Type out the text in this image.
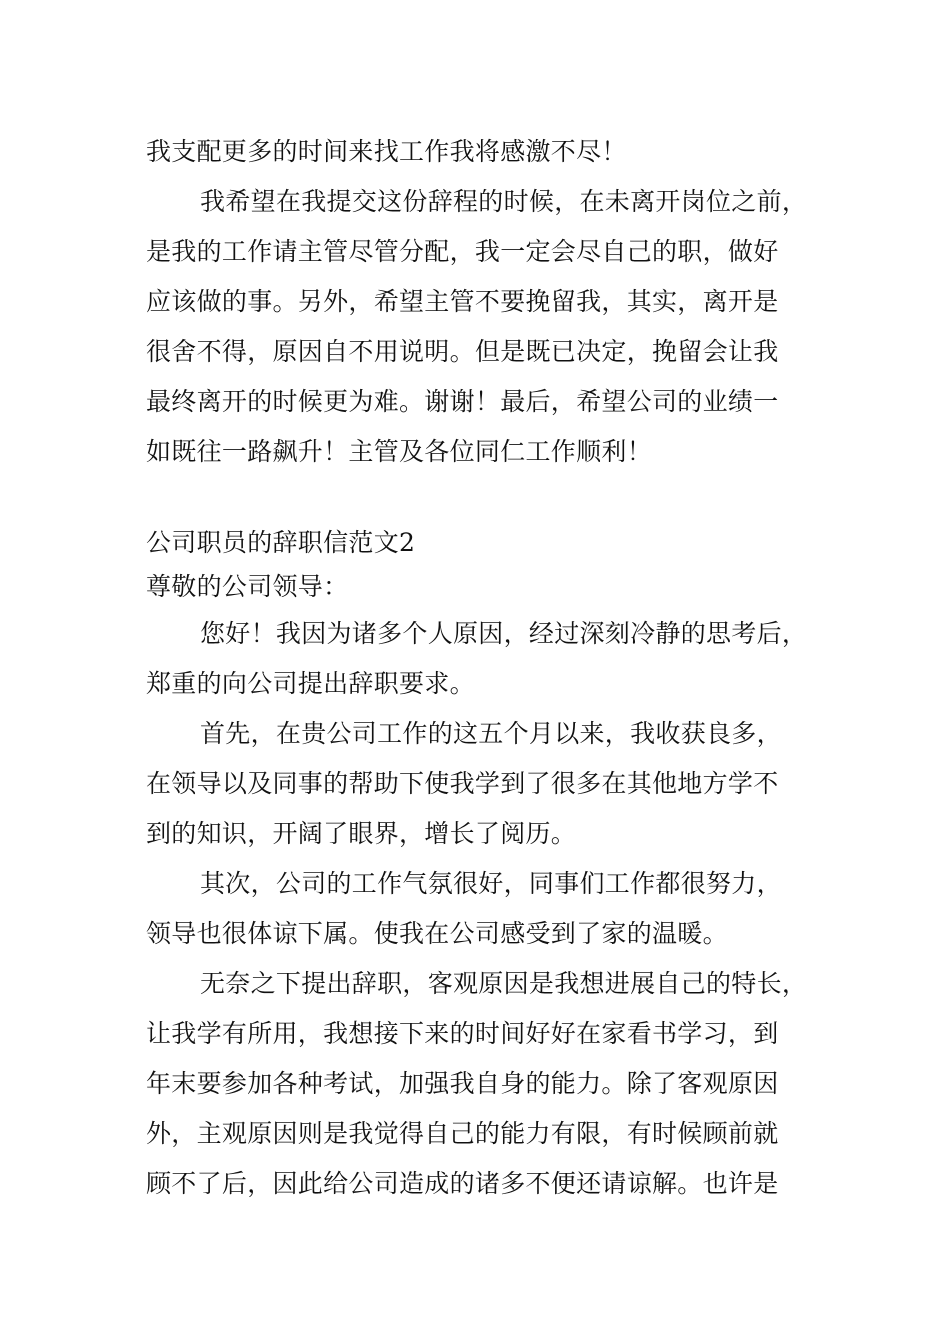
我支配更多的时间来找工作我将感激不尽！
我希望在我提交这份辞程的时候，在未离开岗位之前，
是我的工作请主管尽管分配，我一定会尽自己的职，做好
应该做的事。另外，希望主管不要挽留我，其实，离开是
很舍不得，原因自不用说明。但是既已决定，挽留会让我
最终离开的时候更为难。谢谢！最后，希望公司的业绩一
如既往一路飙升！主管及各位同仁工作顺利！
公司职员的辞职信范文2
尊敬的公司领导：
您好！我因为诸多个人原因，经过深刻冷静的思考后，
郑重的向公司提出辞职要求。
首先，在贵公司工作的这五个月以来，我收获良多，
在领导以及同事的帮助下使我学到了很多在其他地方学不
到的知识，开阔了眼界，增长了阅历。
其次，公司的工作气氛很好，同事们工作都很努力，
领导也很体谅下属。使我在公司感受到了家的温暖。
无奈之下提出辞职，客观原因是我想进展自己的特长，
让我学有所用，我想接下来的时间好好在家看书学习，到
年末要参加各种考试，加强我自身的能力。除了客观原因
外，主观原因则是我觉得自己的能力有限，有时候顾前就
顾不了后，因此给公司造成的诸多不便还请谅解。也许是
